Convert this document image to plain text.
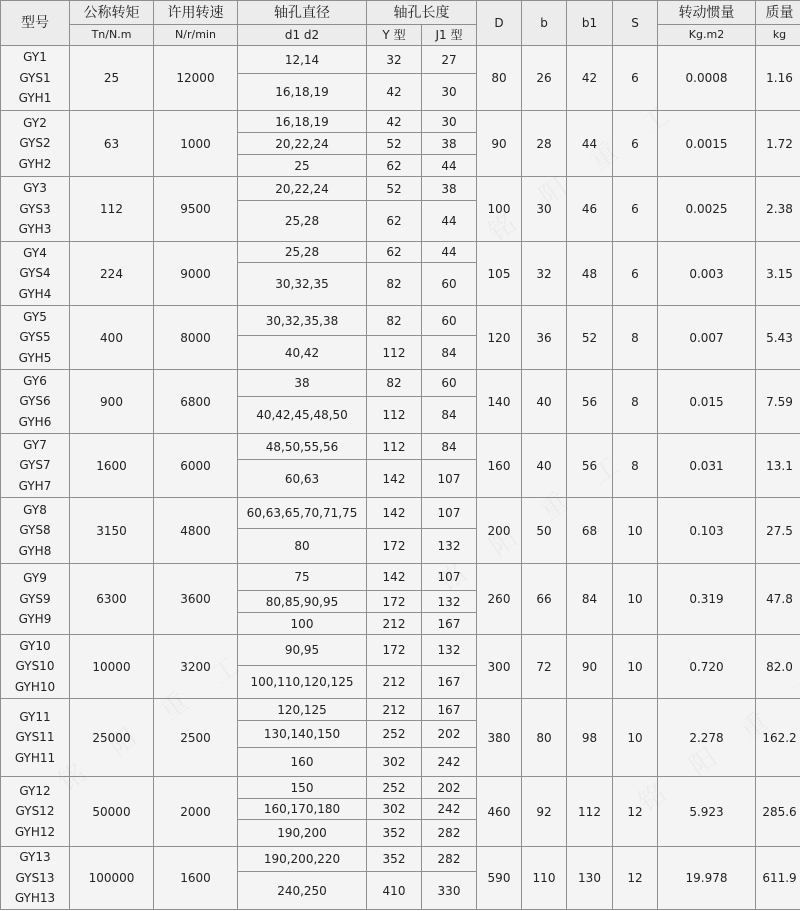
型号	公称转矩	许用转速	轴孔直径	轴孔长度		D	b	b1	S	转动惯量	质量
	Tn/N.m	N/r/min	d1 d2	Y 型	J1 型					Kg.m2	kg

GY1
GYS1
GYH1	25	12000	12,14	32	27	80	26	42	6	0.0008	1.16
			16,18,19	42	30						

GY2
GYS2
GYH2	63	1000	16,18,19	42	30	90	28	44	6	0.0015	1.72
			20,22,24	52	38						
			25	62	44						

GY3
GYS3
GYH3	112	9500	20,22,24	52	38	100	30	46	6	0.0025	2.38
			25,28	62	44						

GY4
GYS4
GYH4	224	9000	25,28	62	44	105	32	48	6	0.003	3.15
			30,32,35	82	60						

GY5
GYS5
GYH5	400	8000	30,32,35,38	82	60	120	36	52	8	0.007	5.43
			40,42	112	84						

GY6
GYS6
GYH6	900	6800	38	82	60	140	40	56	8	0.015	7.59
			40,42,45,48,50	112	84						

GY7
GYS7
GYH7	1600	6000	48,50,55,56	112	84	160	40	56	8	0.031	13.1
			60,63	142	107						

GY8
GYS8
GYH8	3150	4800	60,63,65,70,71,75	142	107	200	50	68	10	0.103	27.5
			80	172	132						

GY9
GYS9
GYH9	6300	3600	75	142	107	260	66	84	10	0.319	47.8
			80,85,90,95	172	132						
			100	212	167						

GY10
GYS10
GYH10	10000	3200	90,95	172	132	300	72	90	10	0.720	82.0
			100,110,120,125	212	167						

GY11
GYS11
GYH11	25000	2500	120,125	212	167	380	80	98	10	2.278	162.2
			130,140,150	252	202						
			160	302	242						

GY12
GYS12
GYH12	50000	2000	150	252	202	460	92	112	12	5.923	285.6
			160,170,180	302	242						
			190,200	352	282						

GY13
GYS13
GYH13	100000	1600	190,200,220	352	282	590	110	130	12	19.978	611.9
			240,250	410	330						
